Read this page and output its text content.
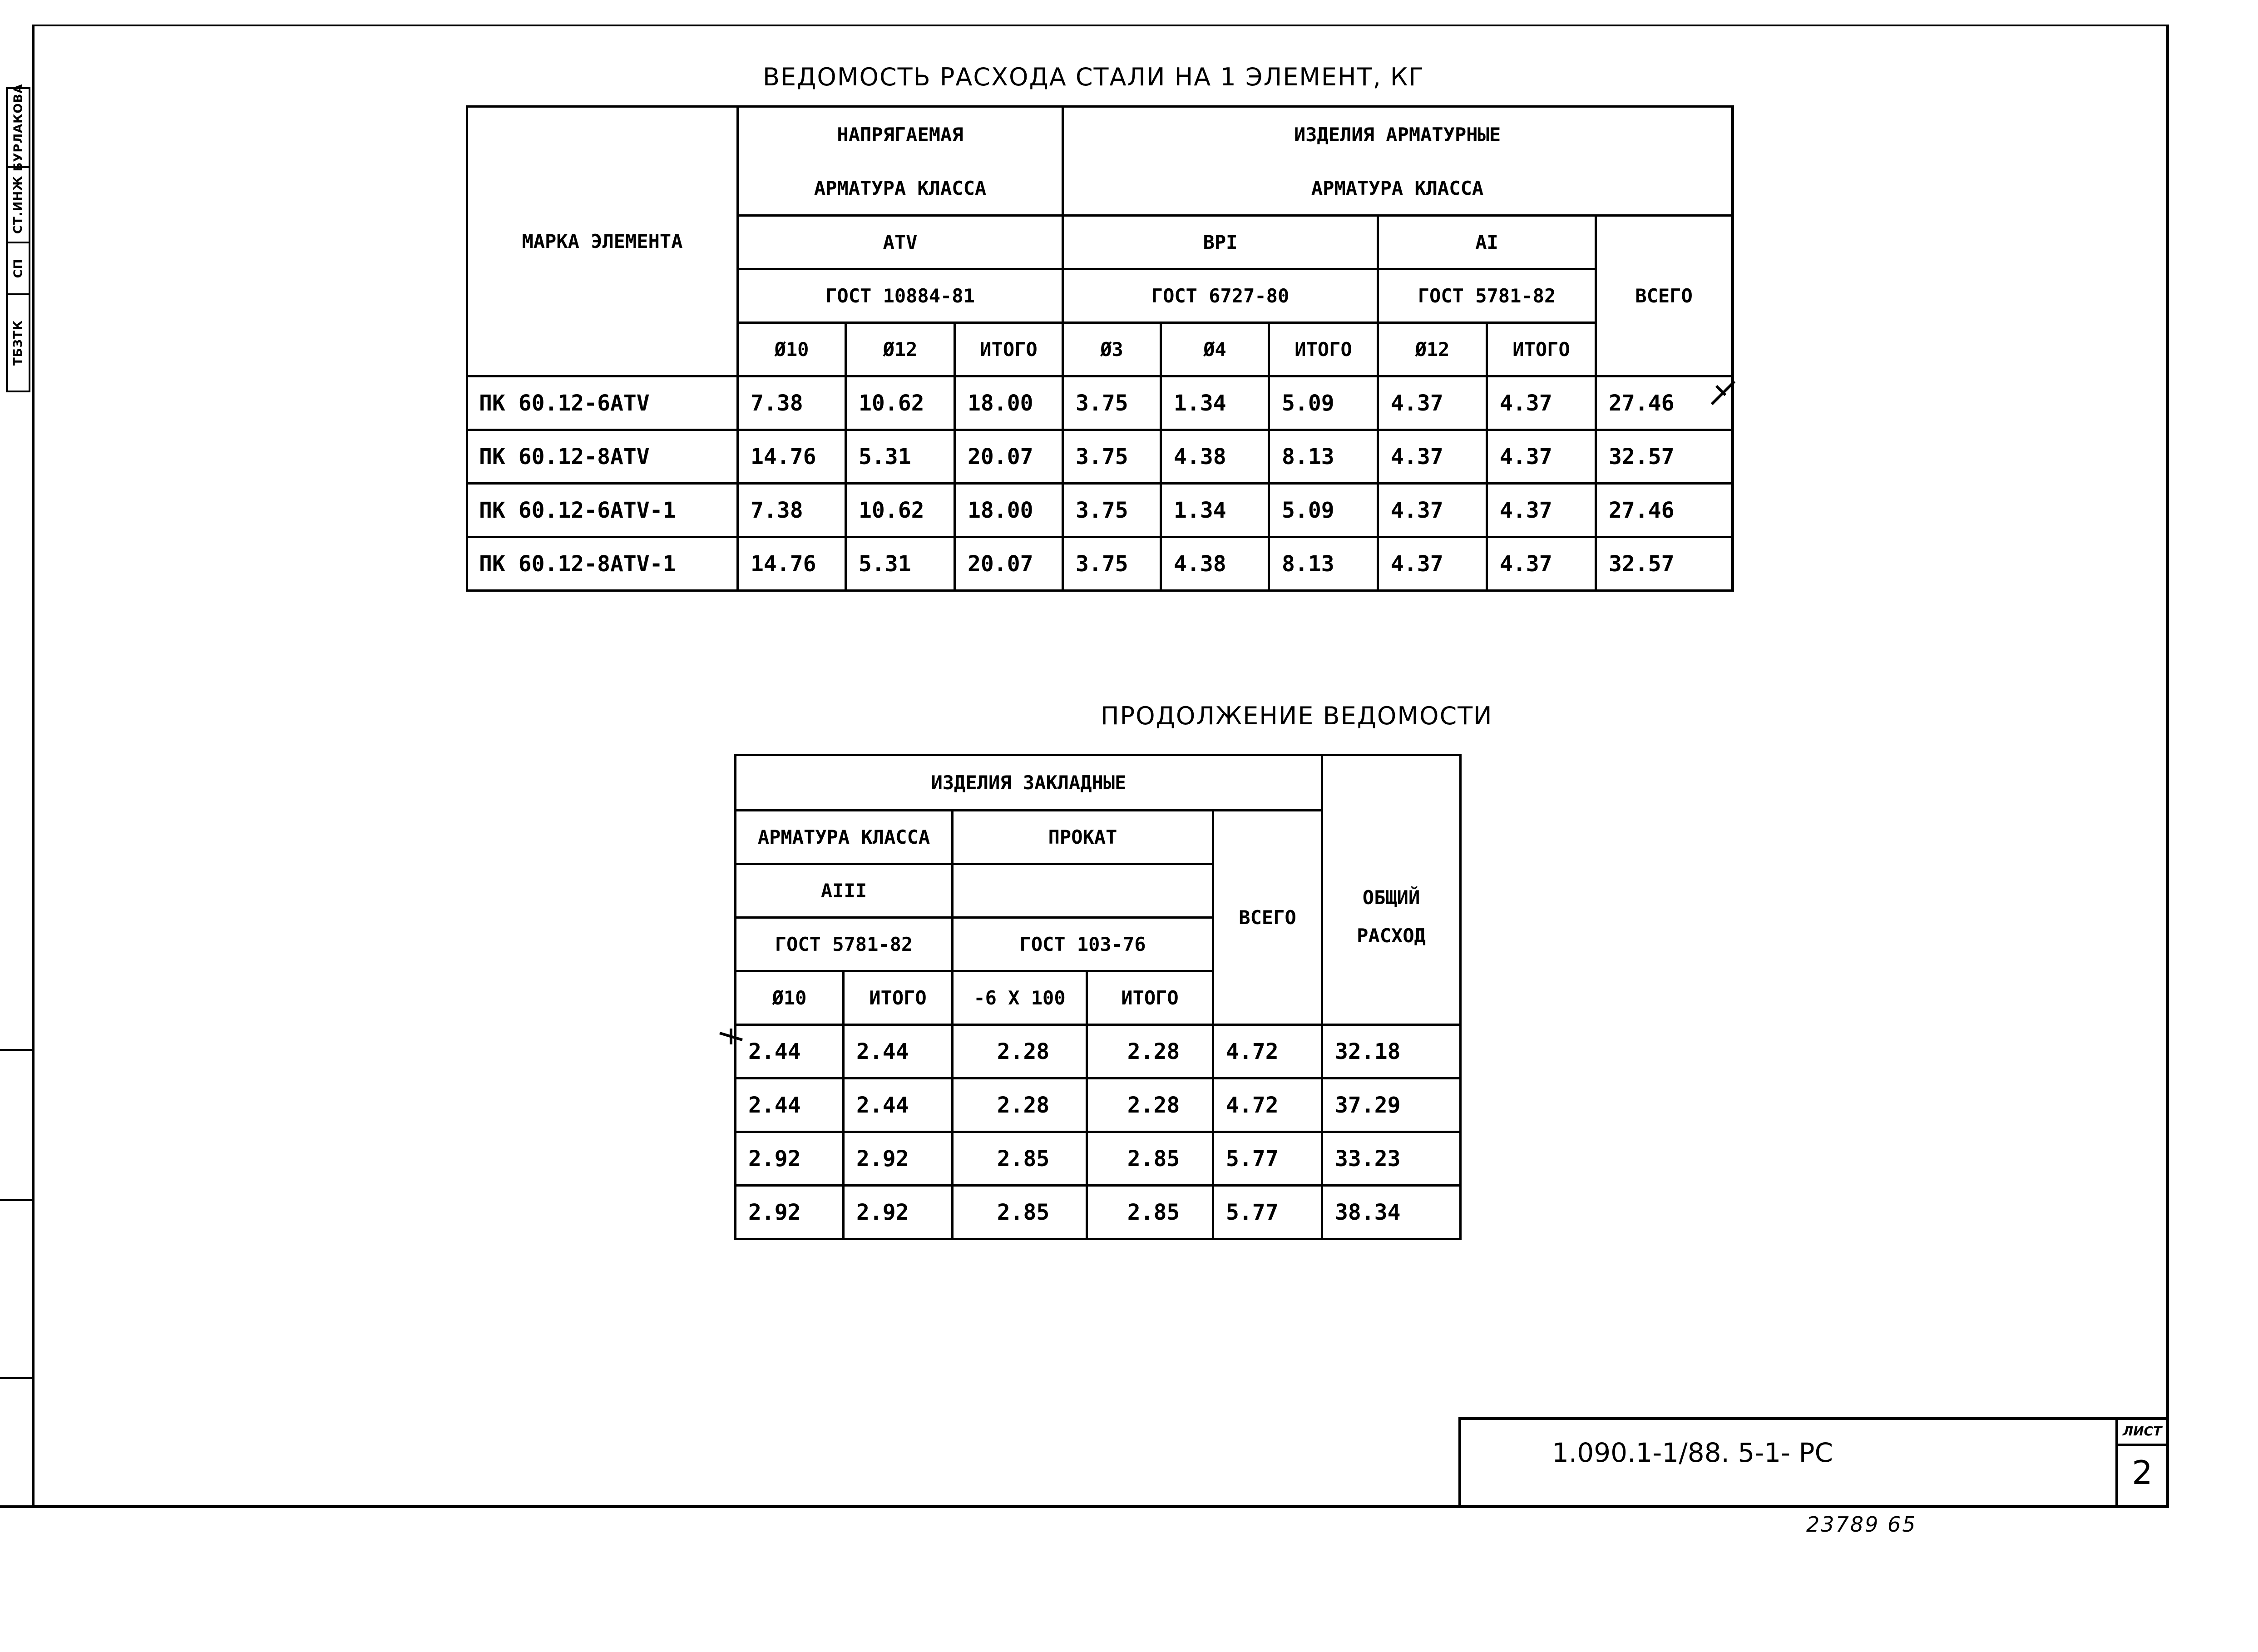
БУРЛАКОВА
СТ.ИНЖ
СП
ТБЗТК
ВЕДОМОСТЬ РАСХОДА СТАЛИ НА 1 ЭЛЕМЕНТ, КГ
МАРКА ЭЛЕМЕНТА	НАПРЯГАЕМАЯ			ИЗДЕЛИЯ АРМАТУРНЫЕ					
	АРМАТУРА КЛАССА			АРМАТУРА КЛАССА					
	АТV			ВРI			АI		ВСЕГО
	ГОСТ 10884-81			ГОСТ 6727-80			ГОСТ 5781-82		
	Ø10	Ø12	ИТОГО	Ø3	Ø4	ИТОГО	Ø12	ИТОГО	
ПК 60.12-6АТV	7.38	10.62	18.00	3.75	1.34	5.09	4.37	4.37	27.46
ПК 60.12-8АТV	14.76	5.31	20.07	3.75	4.38	8.13	4.37	4.37	32.57
ПК 60.12-6АТV-1	7.38	10.62	18.00	3.75	1.34	5.09	4.37	4.37	27.46
ПК 60.12-8АТV-1	14.76	5.31	20.07	3.75	4.38	8.13	4.37	4.37	32.57
ПРОДОЛЖЕНИЕ ВЕДОМОСТИ
ИЗДЕЛИЯ ЗАКЛАДНЫЕ					
АРМАТУРА КЛАССА		ПРОКАТ		ВСЕГО	ОБЩИЙ
РАСХОД

АIII					
ГОСТ 5781-82		ГОСТ 103-76			
Ø10	ИТОГО	-6 Х 100	ИТОГО		
2.44	2.44	2.28	2.28	4.72	32.18
2.44	2.44	2.28	2.28	4.72	37.29
2.92	2.92	2.85	2.85	5.77	33.23
2.92	2.92	2.85	2.85	5.77	38.34
1.090.1-1/88. 5-1- РС
ЛИСТ
2
23789 65
